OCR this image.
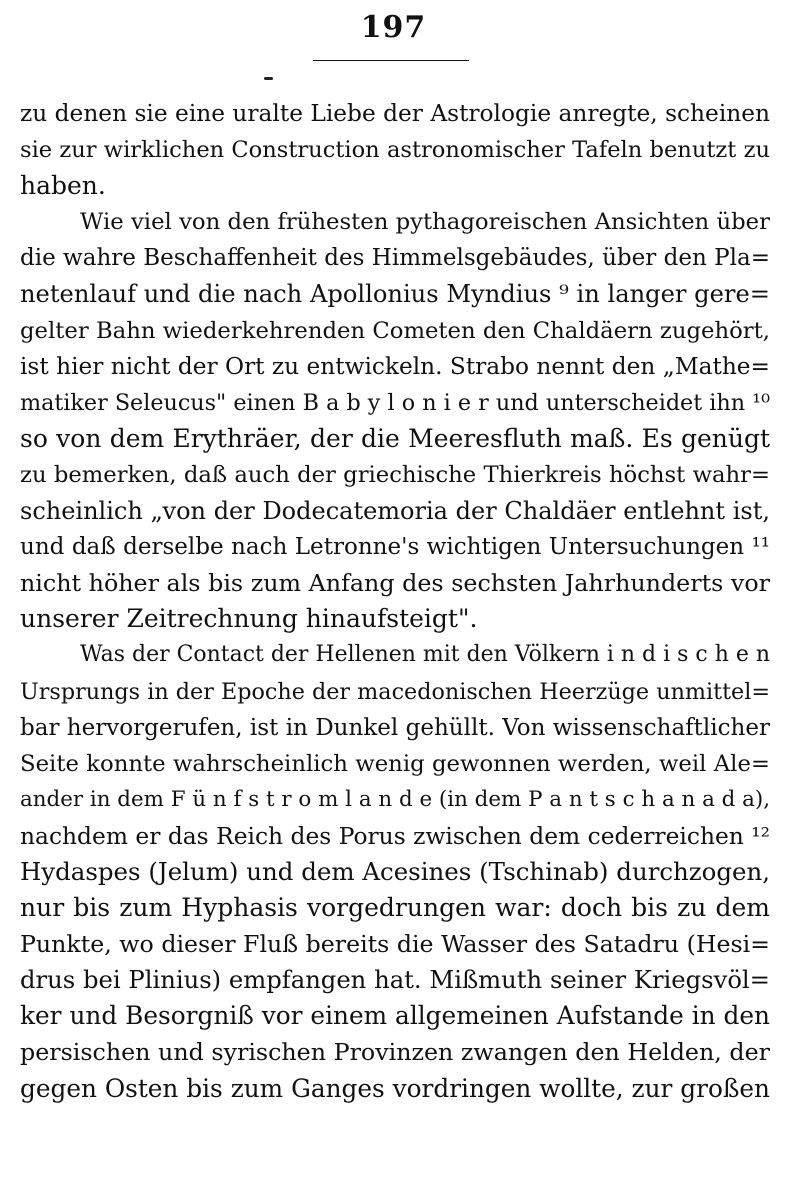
197
zu denen sie eine uralte Liebe der Astrologie anregte, scheinen
sie zur wirklichen Construction astronomischer Tafeln benutzt zu
haben.
Wie viel von den frühesten pythagoreischen Ansichten über
die wahre Beschaffenheit des Himmelsgebäudes, über den Pla=
netenlauf und die nach Apollonius Myndius ⁹ in langer gere=
gelter Bahn wiederkehrenden Cometen den Chaldäern zugehört,
ist hier nicht der Ort zu entwickeln. Strabo nennt den „Mathe=
matiker Seleucus" einen B a b y l o n i e r und unterscheidet ihn ¹⁰
so von dem Erythräer, der die Meeresfluth maß. Es genügt
zu bemerken, daß auch der griechische Thierkreis höchst wahr=
scheinlich „von der Dodecatemoria der Chaldäer entlehnt ist,
und daß derselbe nach Letronne's wichtigen Untersuchungen ¹¹
nicht höher als bis zum Anfang des sechsten Jahrhunderts vor
unserer Zeitrechnung hinaufsteigt".
Was der Contact der Hellenen mit den Völkern i n d i s c h e n
Ursprungs in der Epoche der macedonischen Heerzüge unmittel=
bar hervorgerufen, ist in Dunkel gehüllt. Von wissenschaftlicher
Seite konnte wahrscheinlich wenig gewonnen werden, weil Ale=
ander in dem F ü n f s t r o m l a n d e (in dem P a n t s c h a n a d a),
nachdem er das Reich des Porus zwischen dem cederreichen ¹²
Hydaspes (Jelum) und dem Acesines (Tschinab) durchzogen,
nur bis zum Hyphasis vorgedrungen war: doch bis zu dem
Punkte, wo dieser Fluß bereits die Wasser des Satadru (Hesi=
drus bei Plinius) empfangen hat. Mißmuth seiner Kriegsvöl=
ker und Besorgniß vor einem allgemeinen Aufstande in den
persischen und syrischen Provinzen zwangen den Helden, der
gegen Osten bis zum Ganges vordringen wollte, zur großen
